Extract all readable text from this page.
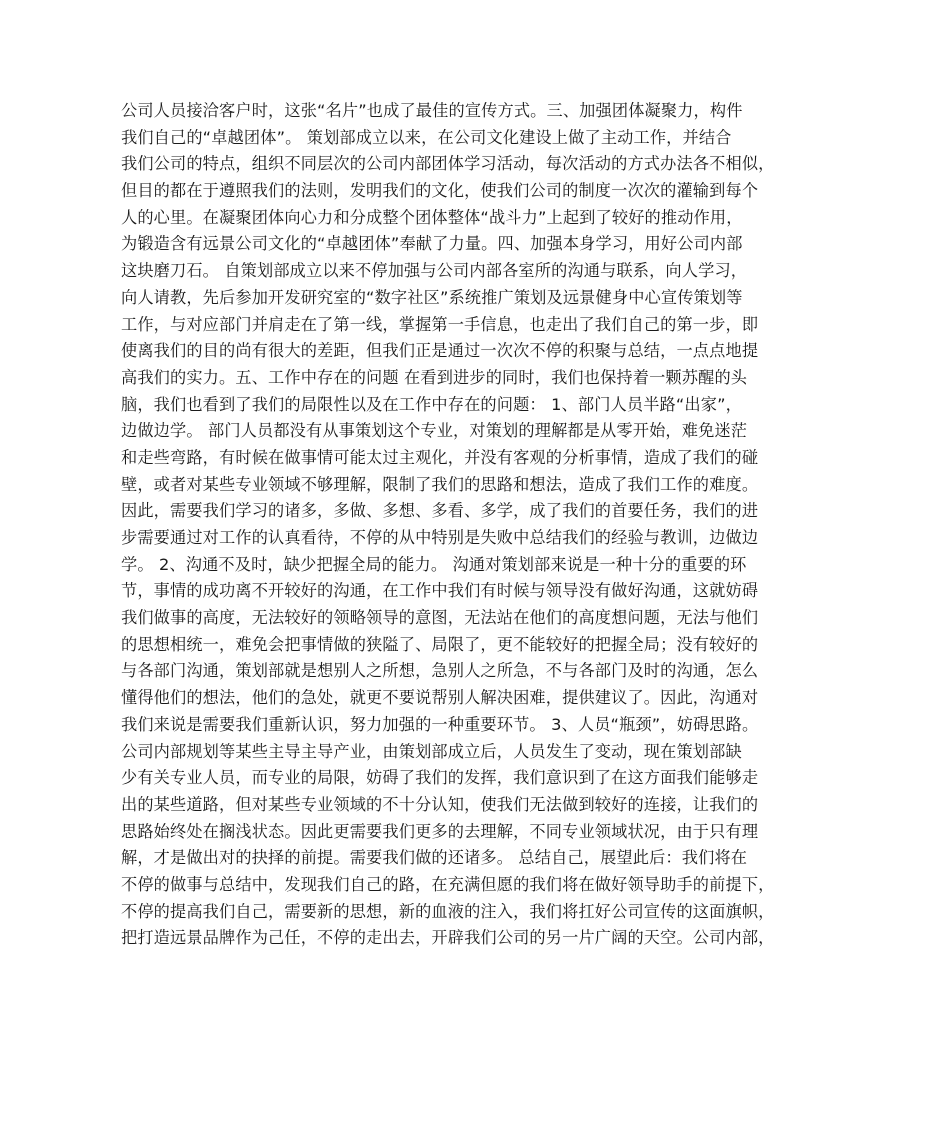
公司人员接洽客户时，这张“名片”也成了最佳的宣传方式。三、加强团体凝聚力，构件
我们自己的“卓越团体”。 策划部成立以来，在公司文化建设上做了主动工作，并结合
我们公司的特点，组织不同层次的公司内部团体学习活动，每次活动的方式办法各不相似，
但目的都在于遵照我们的法则，发明我们的文化，使我们公司的制度一次次的灌输到每个
人的心里。在凝聚团体向心力和分成整个团体整体“战斗力”上起到了较好的推动作用，
为锻造含有远景公司文化的“卓越团体”奉献了力量。四、加强本身学习，用好公司内部
这块磨刀石。 自策划部成立以来不停加强与公司内部各室所的沟通与联系，向人学习，
向人请教，先后参加开发研究室的“数字社区”系统推广策划及远景健身中心宣传策划等
工作，与对应部门并肩走在了第一线，掌握第一手信息，也走出了我们自己的第一步，即
使离我们的目的尚有很大的差距，但我们正是通过一次次不停的积聚与总结，一点点地提
高我们的实力。五、工作中存在的问题 在看到进步的同时，我们也保持着一颗苏醒的头
脑，我们也看到了我们的局限性以及在工作中存在的问题： 1、部门人员半路“出家”，
边做边学。 部门人员都没有从事策划这个专业，对策划的理解都是从零开始，难免迷茫
和走些弯路，有时候在做事情可能太过主观化，并没有客观的分析事情，造成了我们的碰
壁，或者对某些专业领域不够理解，限制了我们的思路和想法，造成了我们工作的难度。
因此，需要我们学习的诸多，多做、多想、多看、多学，成了我们的首要任务，我们的进
步需要通过对工作的认真看待，不停的从中特别是失败中总结我们的经验与教训，边做边
学。 2、沟通不及时，缺少把握全局的能力。 沟通对策划部来说是一种十分的重要的环
节，事情的成功离不开较好的沟通，在工作中我们有时候与领导没有做好沟通，这就妨碍
我们做事的高度，无法较好的领略领导的意图，无法站在他们的高度想问题，无法与他们
的思想相统一，难免会把事情做的狭隘了、局限了，更不能较好的把握全局；没有较好的
与各部门沟通，策划部就是想别人之所想，急别人之所急，不与各部门及时的沟通，怎么
懂得他们的想法，他们的急处，就更不要说帮别人解决困难，提供建议了。因此，沟通对
我们来说是需要我们重新认识，努力加强的一种重要环节。 3、人员“瓶颈”，妨碍思路。
公司内部规划等某些主导主导产业，由策划部成立后，人员发生了变动，现在策划部缺
少有关专业人员，而专业的局限，妨碍了我们的发挥，我们意识到了在这方面我们能够走
出的某些道路，但对某些专业领域的不十分认知，使我们无法做到较好的连接，让我们的
思路始终处在搁浅状态。因此更需要我们更多的去理解，不同专业领域状况，由于只有理
解，才是做出对的抉择的前提。需要我们做的还诸多。 总结自己，展望此后：我们将在
不停的做事与总结中，发现我们自己的路，在充满但愿的我们将在做好领导助手的前提下，
不停的提高我们自己，需要新的思想，新的血液的注入，我们将扛好公司宣传的这面旗帜，
把打造远景品牌作为己任，不停的走出去，开辟我们公司的另一片广阔的天空。公司内部，
